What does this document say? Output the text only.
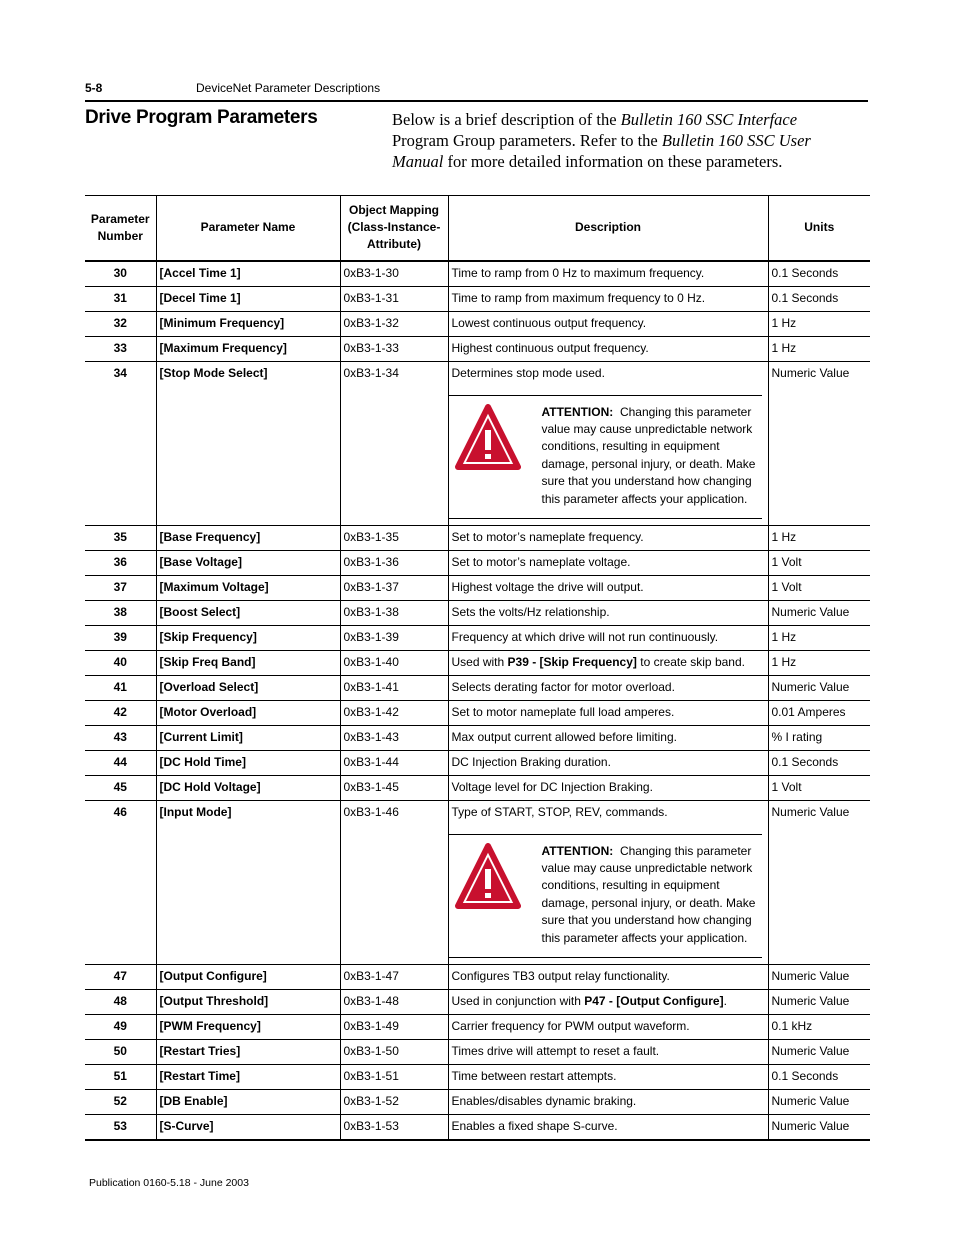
5-8	DeviceNet Parameter Descriptions
Drive Program Parameters	Below is a brief description of the Bulletin 160 SSC Interface Program Group parameters. Refer to the Bulletin 160 SSC User Manual for more detailed information on these parameters.
Parameter Number	Parameter Name	Object Mapping (Class-Instance-Attribute)	Description	Units
30	[Accel Time 1]	0xB3-1-30	Time to ramp from 0 Hz to maximum frequency.	0.1 Seconds
31	[Decel Time 1]	0xB3-1-31	Time to ramp from maximum frequency to 0 Hz.	0.1 Seconds
32	[Minimum Frequency]	0xB3-1-32	Lowest continuous output frequency.	1 Hz
33	[Maximum Frequency]	0xB3-1-33	Highest continuous output frequency.	1 Hz
34	[Stop Mode Select]	0xB3-1-34	Determines stop mode used.
ATTENTION: Changing this parameter value may cause unpredictable network conditions, resulting in equipment damage, personal injury, or death. Make sure that you understand how changing this parameter affects your application.	Numeric Value
35	[Base Frequency]	0xB3-1-35	Set to motor’s nameplate frequency.	1 Hz
36	[Base Voltage]	0xB3-1-36	Set to motor’s nameplate voltage.	1 Volt
37	[Maximum Voltage]	0xB3-1-37	Highest voltage the drive will output.	1 Volt
38	[Boost Select]	0xB3-1-38	Sets the volts/Hz relationship.	Numeric Value
39	[Skip Frequency]	0xB3-1-39	Frequency at which drive will not run continuously.	1 Hz
40	[Skip Freq Band]	0xB3-1-40	Used with P39 - [Skip Frequency] to create skip band.	1 Hz
41	[Overload Select]	0xB3-1-41	Selects derating factor for motor overload.	Numeric Value
42	[Motor Overload]	0xB3-1-42	Set to motor nameplate full load amperes.	0.01 Amperes
43	[Current Limit]	0xB3-1-43	Max output current allowed before limiting.	% I rating
44	[DC Hold Time]	0xB3-1-44	DC Injection Braking duration.	0.1 Seconds
45	[DC Hold Voltage]	0xB3-1-45	Voltage level for DC Injection Braking.	1 Volt
46	[Input Mode]	0xB3-1-46	Type of START, STOP, REV, commands.
ATTENTION: Changing this parameter value may cause unpredictable network conditions, resulting in equipment damage, personal injury, or death. Make sure that you understand how changing this parameter affects your application.	Numeric Value
47	[Output Configure]	0xB3-1-47	Configures TB3 output relay functionality.	Numeric Value
48	[Output Threshold]	0xB3-1-48	Used in conjunction with P47 - [Output Configure].	Numeric Value
49	[PWM Frequency]	0xB3-1-49	Carrier frequency for PWM output waveform.	0.1 kHz
50	[Restart Tries]	0xB3-1-50	Times drive will attempt to reset a fault.	Numeric Value
51	[Restart Time]	0xB3-1-51	Time between restart attempts.	0.1 Seconds
52	[DB Enable]	0xB3-1-52	Enables/disables dynamic braking.	Numeric Value
53	[S-Curve]	0xB3-1-53	Enables a fixed shape S-curve.	Numeric Value
Publication 0160-5.18 - June 2003
